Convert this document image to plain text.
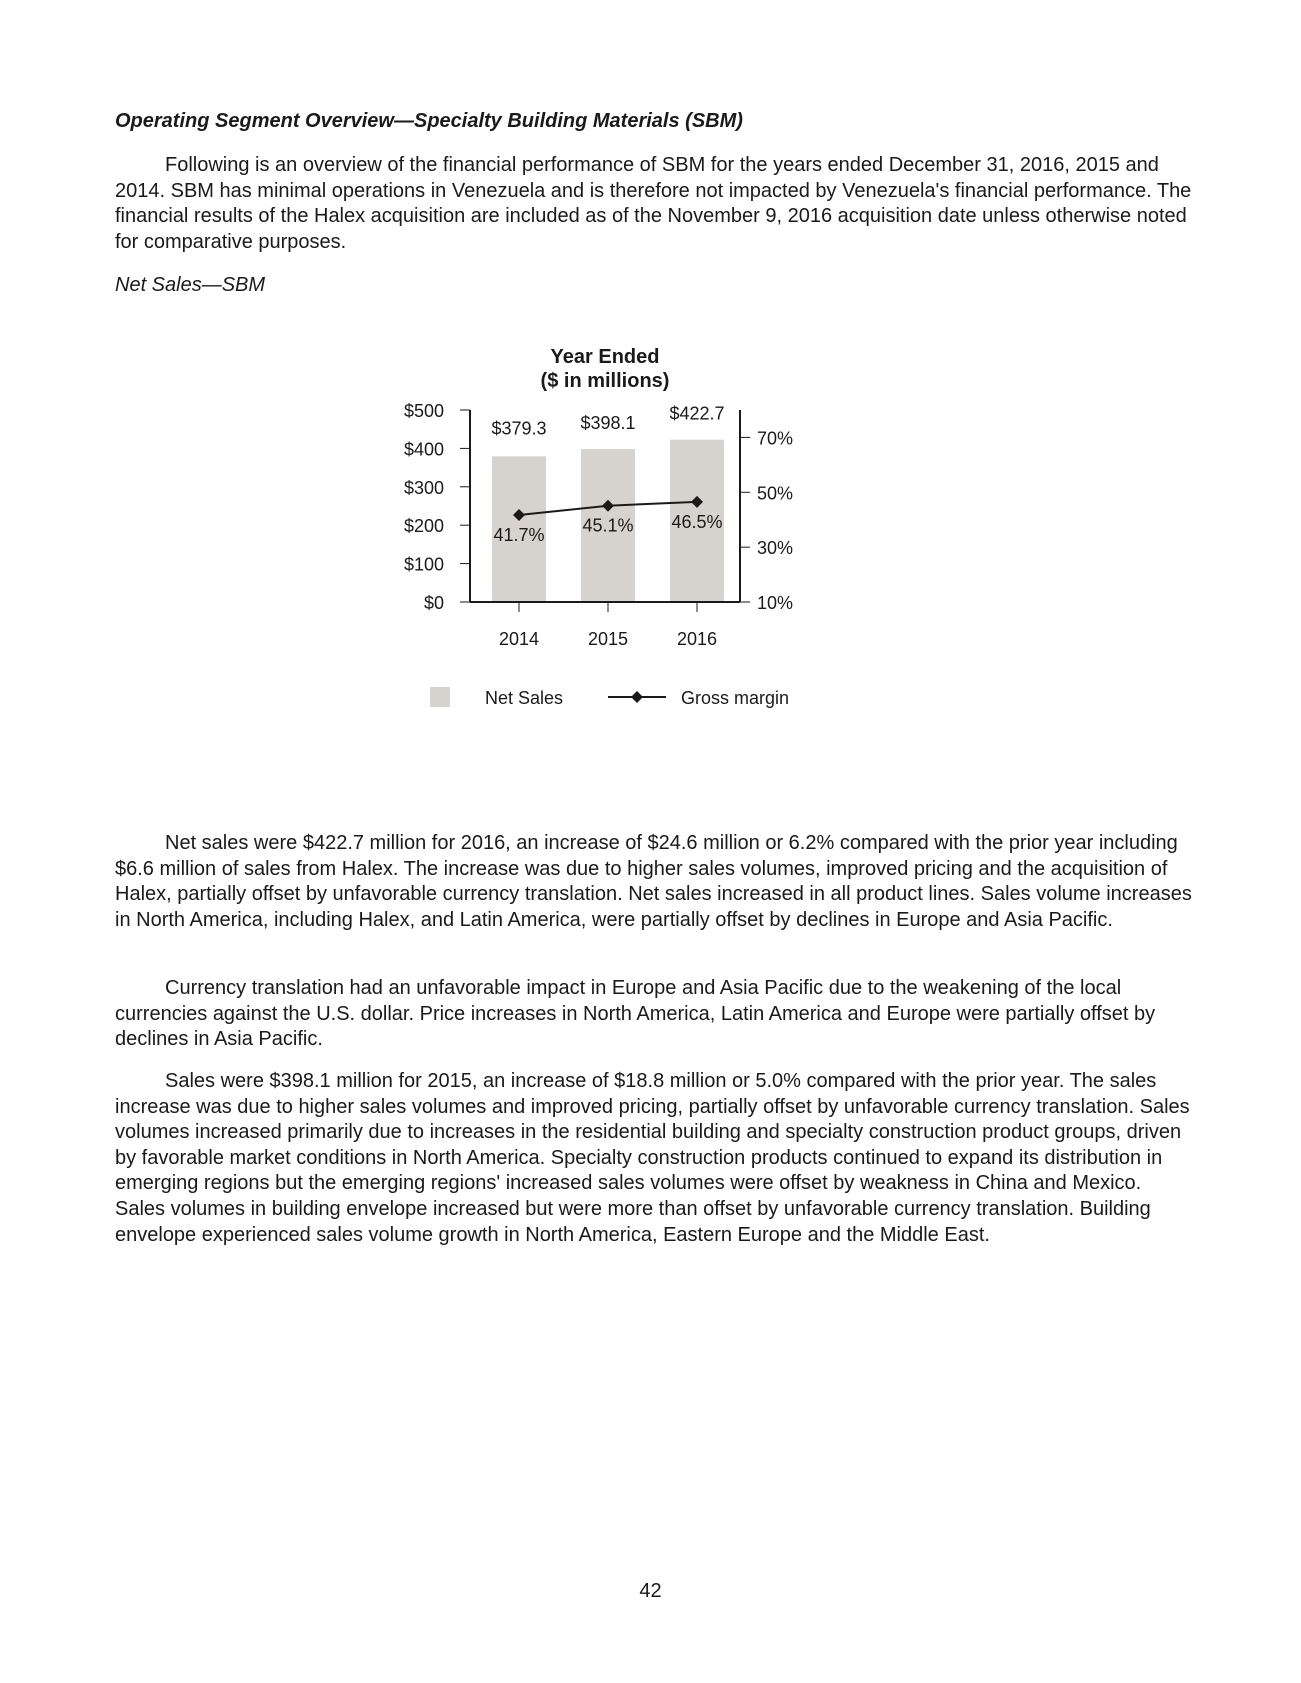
Operating Segment Overview—Specialty Building Materials (SBM)

Following is an overview of the financial performance of SBM for the years ended December 31, 2016, 2015 and 2014. SBM has minimal operations in Venezuela and is therefore not impacted by Venezuela's financial performance. The financial results of the Halex acquisition are included as of the November 9, 2016 acquisition date unless otherwise noted for comparative purposes.

Net Sales—SBM

Year Ended
($ in millions)
$0
$100
$200
$300
$400
$500
10%
30%
50%
70%
2014	2015	2016
$379.3 $398.1 $422.7
41.7% 45.1% 46.5%
Net Sales	Gross margin

Net sales were $422.7 million for 2016, an increase of $24.6 million or 6.2% compared with the prior year including $6.6 million of sales from Halex. The increase was due to higher sales volumes, improved pricing and the acquisition of Halex, partially offset by unfavorable currency translation. Net sales increased in all product lines. Sales volume increases in North America, including Halex, and Latin America, were partially offset by declines in Europe and Asia Pacific.

Currency translation had an unfavorable impact in Europe and Asia Pacific due to the weakening of the local currencies against the U.S. dollar. Price increases in North America, Latin America and Europe were partially offset by declines in Asia Pacific.

Sales were $398.1 million for 2015, an increase of $18.8 million or 5.0% compared with the prior year. The sales increase was due to higher sales volumes and improved pricing, partially offset by unfavorable currency translation. Sales volumes increased primarily due to increases in the residential building and specialty construction product groups, driven by favorable market conditions in North America. Specialty construction products continued to expand its distribution in emerging regions but the emerging regions' increased sales volumes were offset by weakness in China and Mexico. Sales volumes in building envelope increased but were more than offset by unfavorable currency translation. Building envelope experienced sales volume growth in North America, Eastern Europe and the Middle East.

42
